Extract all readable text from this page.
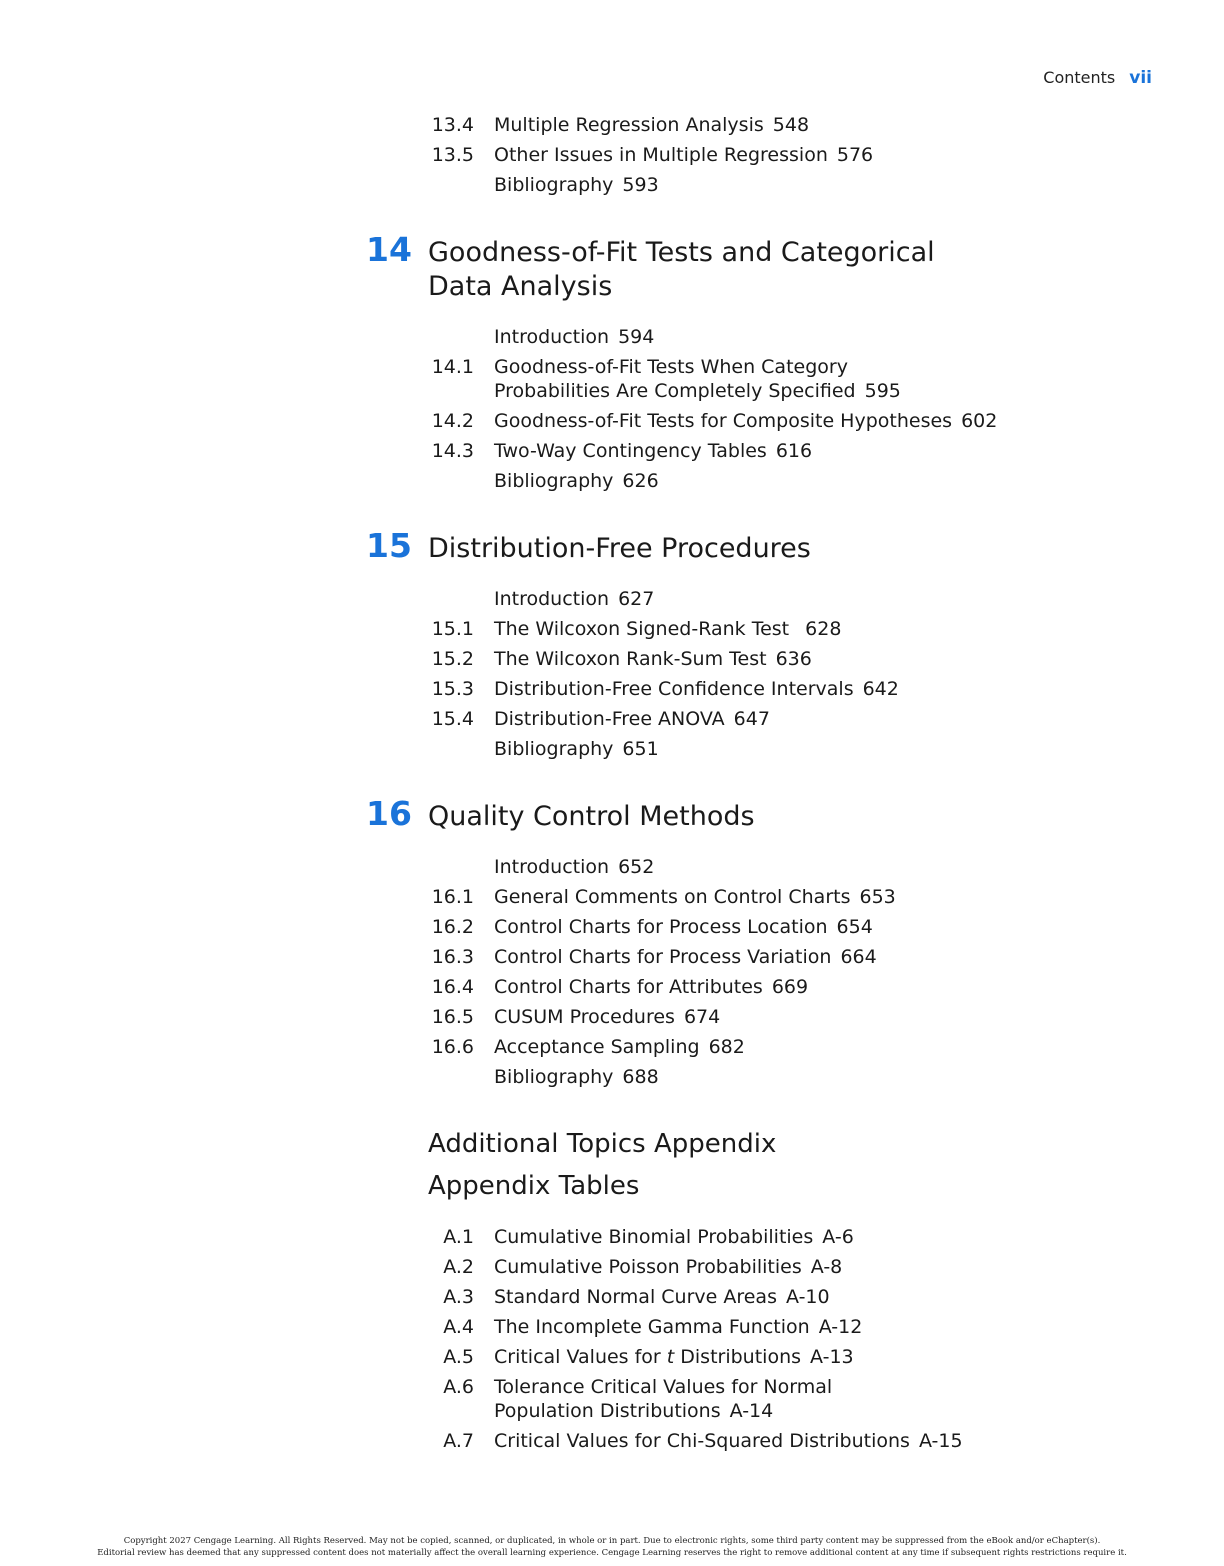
Contents vii
13.4 Multiple Regression Analysis 548
13.5 Other Issues in Multiple Regression 576
Bibliography 593
14 Goodness-of-Fit Tests and Categorical
Data Analysis
Introduction 594
14.1 Goodness-of-Fit Tests When Category
Probabilities Are Completely Specified 595
14.2 Goodness-of-Fit Tests for Composite Hypotheses 602
14.3 Two-Way Contingency Tables 616
Bibliography 626
15 Distribution-Free Procedures
Introduction 627
15.1 The Wilcoxon Signed-Rank Test 628
15.2 The Wilcoxon Rank-Sum Test 636
15.3 Distribution-Free Confidence Intervals 642
15.4 Distribution-Free ANOVA 647
Bibliography 651
16 Quality Control Methods
Introduction 652
16.1 General Comments on Control Charts 653
16.2 Control Charts for Process Location 654
16.3 Control Charts for Process Variation 664
16.4 Control Charts for Attributes 669
16.5 CUSUM Procedures 674
16.6 Acceptance Sampling 682
Bibliography 688
Additional Topics Appendix
Appendix Tables
A.1 Cumulative Binomial Probabilities A-6
A.2 Cumulative Poisson Probabilities A-8
A.3 Standard Normal Curve Areas A-10
A.4 The Incomplete Gamma Function A-12
A.5 Critical Values for t Distributions A-13
A.6 Tolerance Critical Values for Normal
Population Distributions A-14
A.7 Critical Values for Chi-Squared Distributions A-15
Copyright 2027 Cengage Learning. All Rights Reserved. May not be copied, scanned, or duplicated, in whole or in part. Due to electronic rights, some third party content may be suppressed from the eBook and/or eChapter(s).
Editorial review has deemed that any suppressed content does not materially affect the overall learning experience. Cengage Learning reserves the right to remove additional content at any time if subsequent rights restrictions require it.
